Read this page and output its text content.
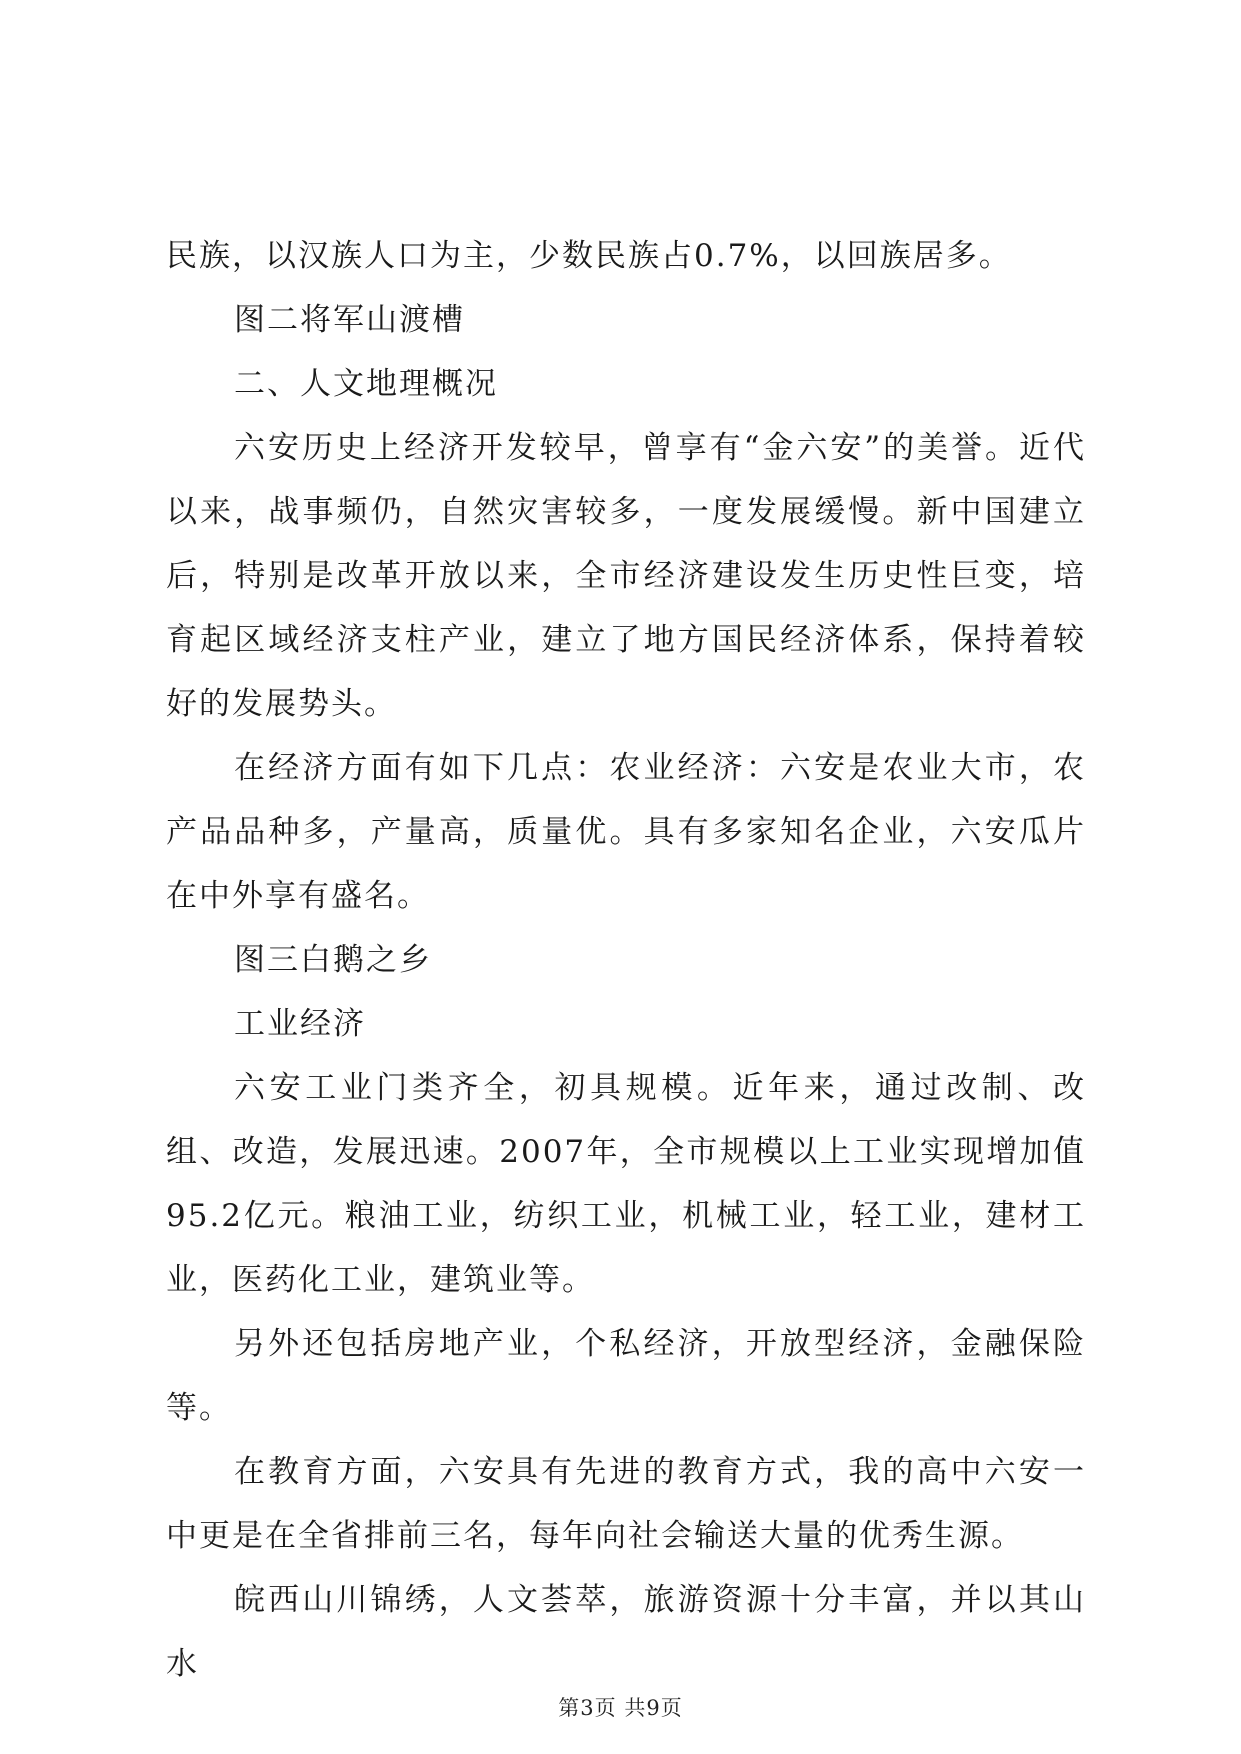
民族，以汉族人口为主，少数民族占0.7%，以回族居多。

图二将军山渡槽

二、人文地理概况

六安历史上经济开发较早，曾享有“金六安”的美誉。近代以来，战事频仍，自然灾害较多，一度发展缓慢。新中国建立后，特别是改革开放以来，全市经济建设发生历史性巨变，培育起区域经济支柱产业，建立了地方国民经济体系，保持着较好的发展势头。

在经济方面有如下几点：农业经济：六安是农业大市，农产品品种多，产量高，质量优。具有多家知名企业，六安瓜片在中外享有盛名。

图三白鹅之乡

工业经济

六安工业门类齐全，初具规模。近年来，通过改制、改组、改造，发展迅速。2007年，全市规模以上工业实现增加值95.2亿元。粮油工业，纺织工业，机械工业，轻工业，建材工业，医药化工业，建筑业等。

另外还包括房地产业，个私经济，开放型经济，金融保险等。

在教育方面，六安具有先进的教育方式，我的高中六安一中更是在全省排前三名，每年向社会输送大量的优秀生源。

皖西山川锦绣，人文荟萃，旅游资源十分丰富，并以其山水

第3页 共9页
